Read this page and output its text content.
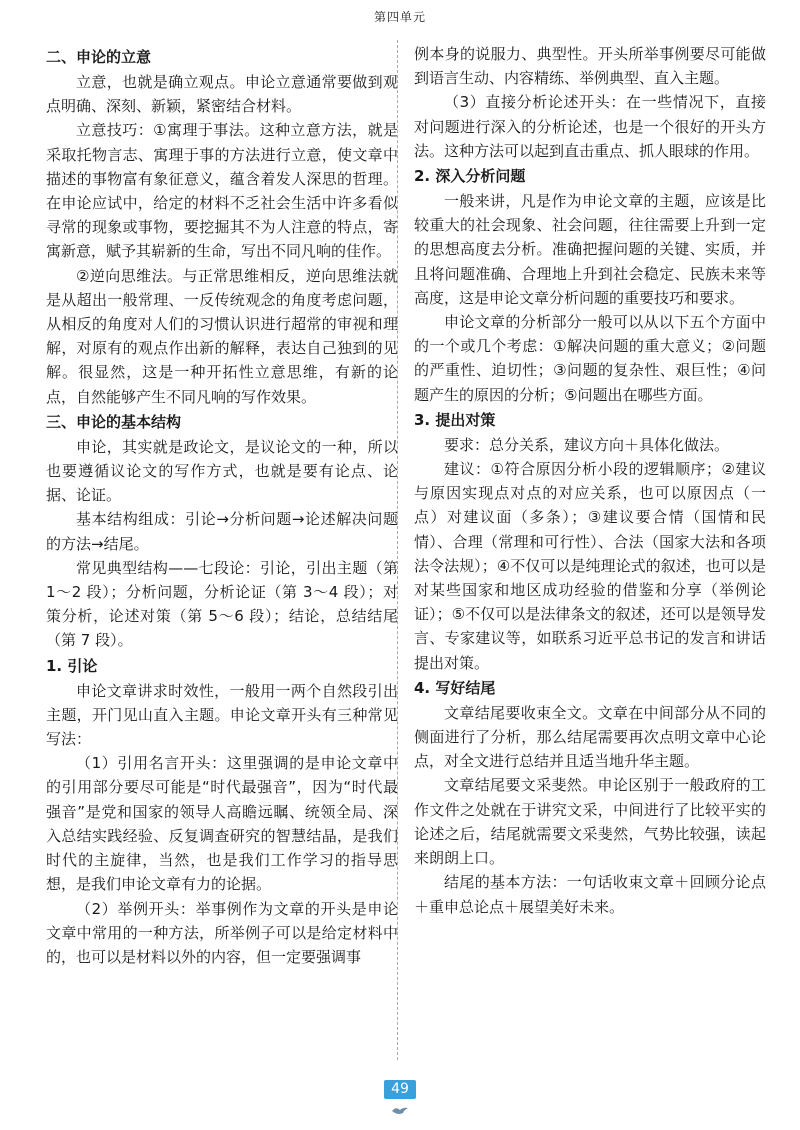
第四单元
二、申论的立意

立意，也就是确立观点。申论立意通常要做到观点明确、深刻、新颖，紧密结合材料。

立意技巧：①寓理于事法。这种立意方法，就是采取托物言志、寓理于事的方法进行立意，使文章中描述的事物富有象征意义，蕴含着发人深思的哲理。在申论应试中，给定的材料不乏社会生活中许多看似寻常的现象或事物，要挖掘其不为人注意的特点，寄寓新意，赋予其崭新的生命，写出不同凡响的佳作。

②逆向思维法。与正常思维相反，逆向思维法就是从超出一般常理、一反传统观念的角度考虑问题，从相反的角度对人们的习惯认识进行超常的审视和理解，对原有的观点作出新的解释，表达自己独到的见解。很显然，这是一种开拓性立意思维，有新的论点，自然能够产生不同凡响的写作效果。

三、申论的基本结构

申论，其实就是政论文，是议论文的一种，所以也要遵循议论文的写作方式，也就是要有论点、论据、论证。

基本结构组成：引论→分析问题→论述解决问题的方法→结尾。

常见典型结构——七段论：引论，引出主题（第 1～2 段）；分析问题，分析论证（第 3～4 段）；对策分析，论述对策（第 5～6 段）；结论，总结结尾（第 7 段）。

1. 引论

申论文章讲求时效性，一般用一两个自然段引出主题，开门见山直入主题。申论文章开头有三种常见写法：

（1）引用名言开头：这里强调的是申论文章中的引用部分要尽可能是“时代最强音”，因为“时代最强音”是党和国家的领导人高瞻远瞩、统领全局、深入总结实践经验、反复调查研究的智慧结晶，是我们时代的主旋律，当然，也是我们工作学习的指导思想，是我们申论文章有力的论据。

（2）举例开头：举事例作为文章的开头是申论文章中常用的一种方法，所举例子可以是给定材料中的，也可以是材料以外的内容，但一定要强调事

例本身的说服力、典型性。开头所举事例要尽可能做到语言生动、内容精练、举例典型、直入主题。

（3）直接分析论述开头：在一些情况下，直接对问题进行深入的分析论述，也是一个很好的开头方法。这种方法可以起到直击重点、抓人眼球的作用。

2. 深入分析问题

一般来讲，凡是作为申论文章的主题，应该是比较重大的社会现象、社会问题，往往需要上升到一定的思想高度去分析。准确把握问题的关键、实质，并且将问题准确、合理地上升到社会稳定、民族未来等高度，这是申论文章分析问题的重要技巧和要求。

申论文章的分析部分一般可以从以下五个方面中的一个或几个考虑：①解决问题的重大意义；②问题的严重性、迫切性；③问题的复杂性、艰巨性；④问题产生的原因的分析；⑤问题出在哪些方面。

3. 提出对策

要求：总分关系，建议方向＋具体化做法。

建议：①符合原因分析小段的逻辑顺序；②建议与原因实现点对点的对应关系，也可以原因点（一点）对建议面（多条）；③建议要合情（国情和民情）、合理（常理和可行性）、合法（国家大法和各项法令法规）；④不仅可以是纯理论式的叙述，也可以是对某些国家和地区成功经验的借鉴和分享（举例论证）；⑤不仅可以是法律条文的叙述，还可以是领导发言、专家建议等，如联系习近平总书记的发言和讲话提出对策。

4. 写好结尾

文章结尾要收束全文。文章在中间部分从不同的侧面进行了分析，那么结尾需要再次点明文章中心论点，对全文进行总结并且适当地升华主题。

文章结尾要文采斐然。申论区别于一般政府的工作文件之处就在于讲究文采，中间进行了比较平实的论述之后，结尾就需要文采斐然，气势比较强，读起来朗朗上口。

结尾的基本方法：一句话收束文章＋回顾分论点＋重申总论点＋展望美好未来。

49
